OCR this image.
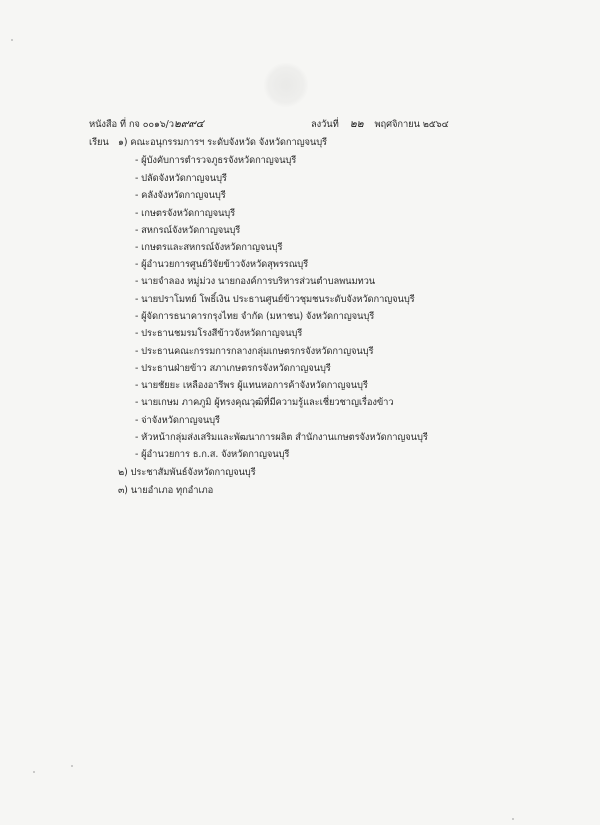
หนังสือ ที่ กจ ๐๐๑๖/ว๒๙๙๔	ลงวันที่ ๒๒ พฤศจิกายน ๒๕๖๔
เรียน ๑) คณะอนุกรรมการฯ ระดับจังหวัด จังหวัดกาญจนบุรี
- ผู้บังคับการตำรวจภูธรจังหวัดกาญจนบุรี
- ปลัดจังหวัดกาญจนบุรี
- คลังจังหวัดกาญจนบุรี
- เกษตรจังหวัดกาญจนบุรี
- สหกรณ์จังหวัดกาญจนบุรี
- เกษตรและสหกรณ์จังหวัดกาญจนบุรี
- ผู้อำนวยการศูนย์วิจัยข้าวจังหวัดสุพรรณบุรี
- นายจำลอง หมู่ม่วง นายกองค์การบริหารส่วนตำบลพนมทวน
- นายปราโมทย์ โพธิ์เงิน ประธานศูนย์ข้าวชุมชนระดับจังหวัดกาญจนบุรี
- ผู้จัดการธนาคารกรุงไทย จำกัด (มหาชน) จังหวัดกาญจนบุรี
- ประธานชมรมโรงสีข้าวจังหวัดกาญจนบุรี
- ประธานคณะกรรมการกลางกลุ่มเกษตรกรจังหวัดกาญจนบุรี
- ประธานฝ่ายข้าว สภาเกษตรกรจังหวัดกาญจนบุรี
- นายชัยยะ เหลืองอารีพร ผู้แทนหอการค้าจังหวัดกาญจนบุรี
- นายเกษม ภาคภูมิ ผู้ทรงคุณวุฒิที่มีความรู้และเชี่ยวชาญเรื่องข้าว
- จ่าจังหวัดกาญจนบุรี
- หัวหน้ากลุ่มส่งเสริมและพัฒนาการผลิต สำนักงานเกษตรจังหวัดกาญจนบุรี
- ผู้อำนวยการ ธ.ก.ส. จังหวัดกาญจนบุรี
๒) ประชาสัมพันธ์จังหวัดกาญจนบุรี
๓) นายอำเภอ ทุกอำเภอ
